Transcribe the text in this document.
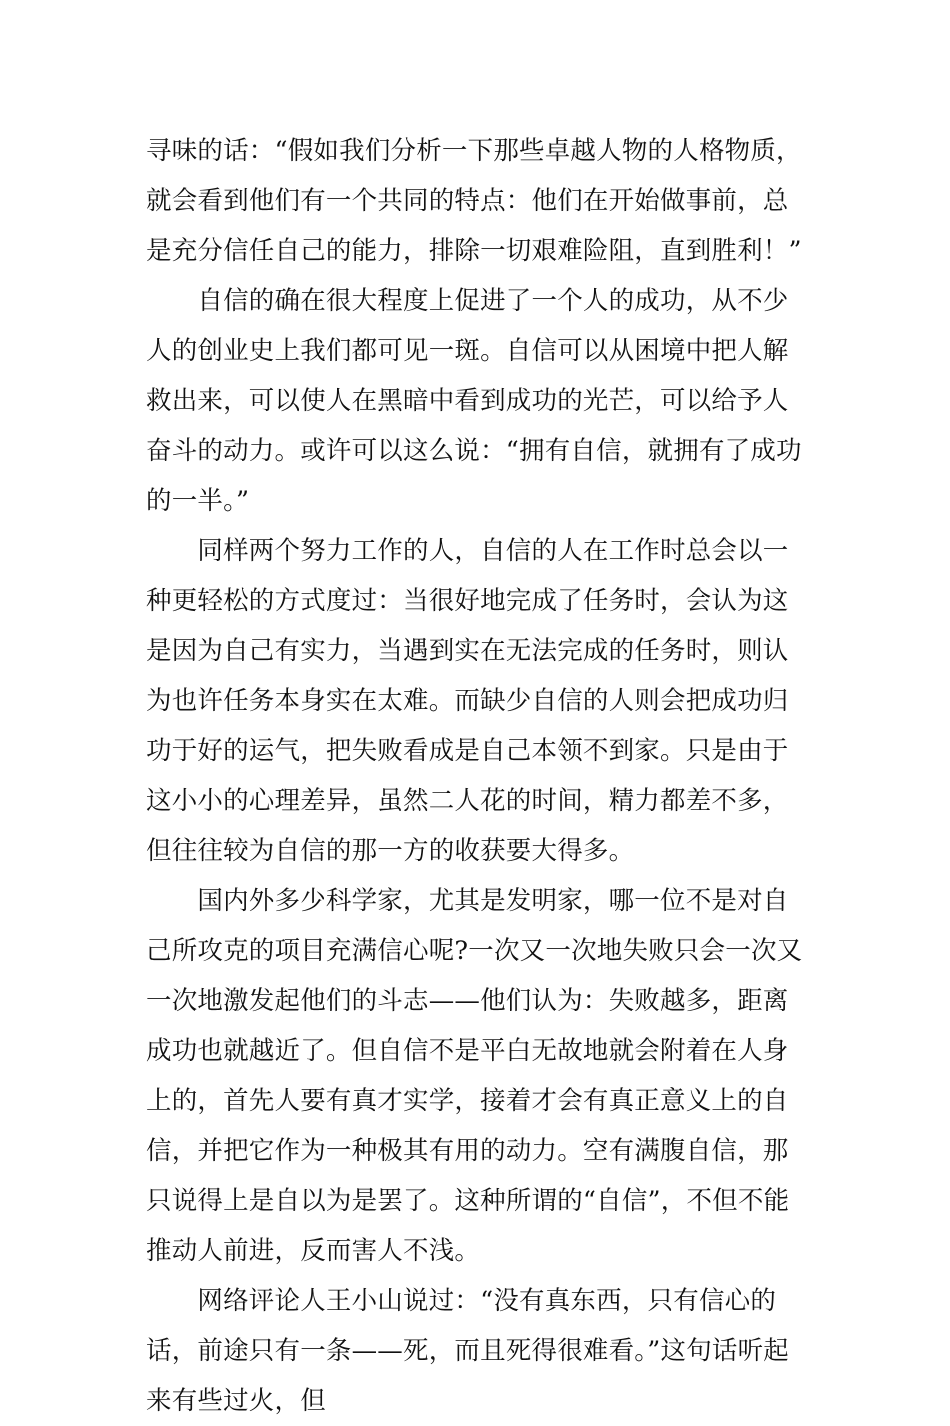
寻味的话：“假如我们分析一下那些卓越人物的人格物质，就会看到他们有一个共同的特点：他们在开始做事前，总是充分信任自己的能力，排除一切艰难险阻，直到胜利！”

　　自信的确在很大程度上促进了一个人的成功，从不少人的创业史上我们都可见一斑。自信可以从困境中把人解救出来，可以使人在黑暗中看到成功的光芒，可以给予人奋斗的动力。或许可以这么说：“拥有自信，就拥有了成功的一半。”

　　同样两个努力工作的人，自信的人在工作时总会以一种更轻松的方式度过：当很好地完成了任务时，会认为这是因为自己有实力，当遇到实在无法完成的任务时，则认为也许任务本身实在太难。而缺少自信的人则会把成功归功于好的运气，把失败看成是自己本领不到家。只是由于这小小的心理差异，虽然二人花的时间，精力都差不多，但往往较为自信的那一方的收获要大得多。

　　国内外多少科学家，尤其是发明家，哪一位不是对自己所攻克的项目充满信心呢?一次又一次地失败只会一次又一次地激发起他们的斗志——他们认为：失败越多，距离成功也就越近了。但自信不是平白无故地就会附着在人身上的，首先人要有真才实学，接着才会有真正意义上的自信，并把它作为一种极其有用的动力。空有满腹自信，那只说得上是自以为是罢了。这种所谓的“自信”，不但不能推动人前进，反而害人不浅。

　　网络评论人王小山说过：“没有真东西，只有信心的话，前途只有一条——死，而且死得很难看。”这句话听起来有些过火，但
